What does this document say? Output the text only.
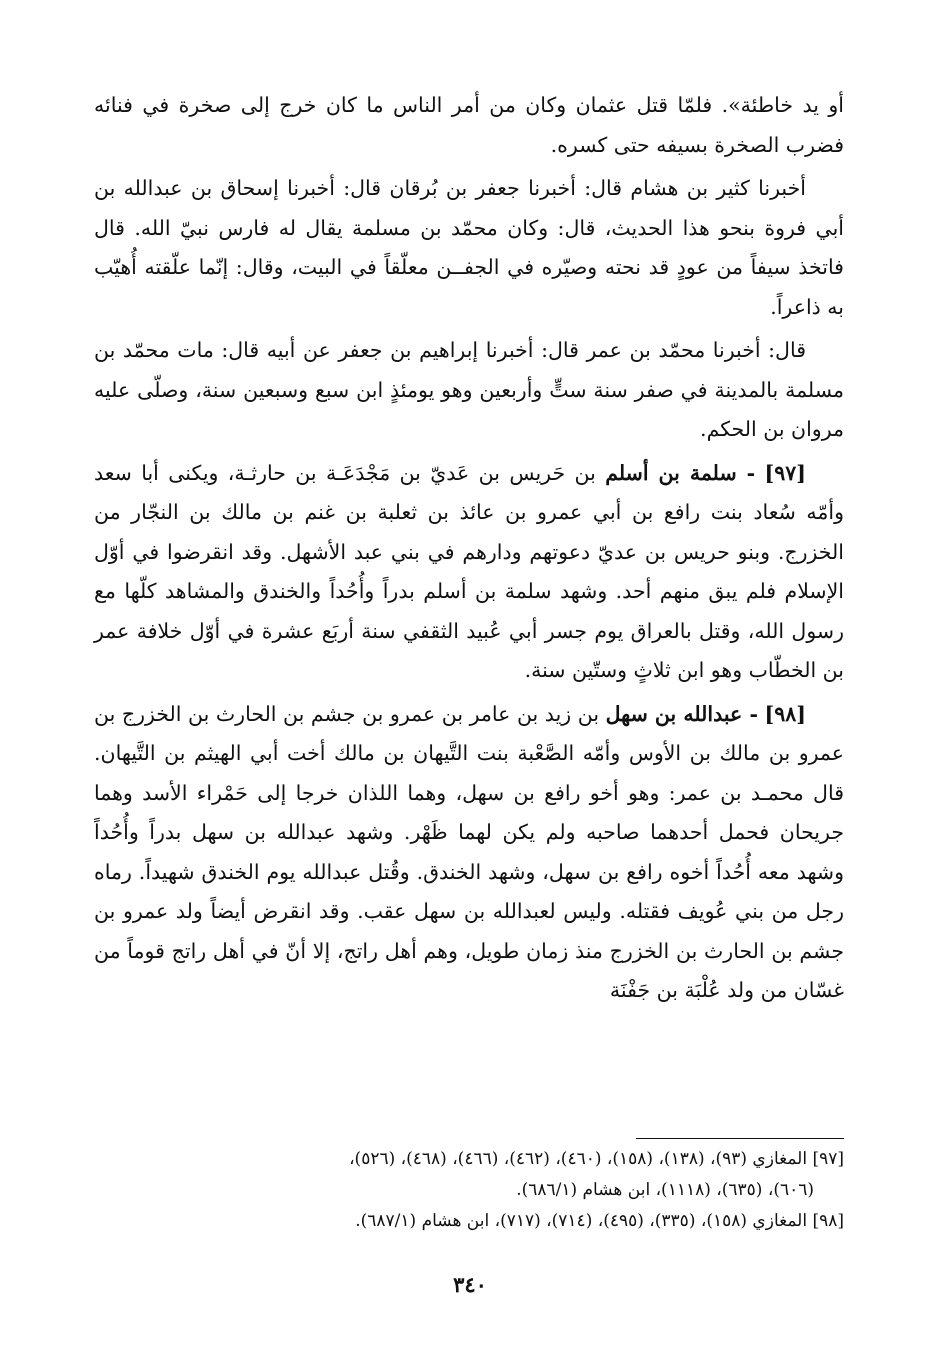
أو يد خاطئة». فلمّا قتل عثمان وكان من أمر الناس ما كان خرج إلى صخرة في فنائه فضرب الصخرة بسيفه حتى كسره.

أخبرنا كثير بن هشام قال: أخبرنا جعفر بن بُرقان قال: أخبرنا إسحاق بن عبدالله بن أبي فروة بنحو هذا الحديث، قال: وكان محمّد بن مسلمة يقال له فارس نبيّ الله. قال فاتخذ سيفاً من عودٍ قد نحته وصيّره في الجفــن معلّقاً في البيت، وقال: إنّما علّقته أُهيّب به ذاعراً.

قال: أخبرنا محمّد بن عمر قال: أخبرنا إبراهيم بن جعفر عن أبيه قال: مات محمّد بن مسلمة بالمدينة في صفر سنة ستٍّ وأربعين وهو يومئذٍ ابن سبع وسبعين سنة، وصلّى عليه مروان بن الحكم.

[٩٧] - سلمة بن أسلم بن حَريس بن عَديّ بن مَجْدَعَـة بن حارثـة، ويكنى أبا سعد وأمّه سُعاد بنت رافع بن أبي عمرو بن عائذ بن ثعلبة بن غنم بن مالك بن النجّار من الخزرج. وبنو حريس بن عديّ دعوتهم ودارهم في بني عبد الأشهل. وقد انقرضوا في أوّل الإسلام فلم يبق منهم أحد. وشهد سلمة بن أسلم بدراً وأُحُداً والخندق والمشاهد كلّها مع رسول الله، وقتل بالعراق يوم جسر أبي عُبيد الثقفي سنة أربَع عشرة في أوّل خلافة عمر بن الخطّاب وهو ابن ثلاثٍ وستّين سنة.

[٩٨] - عبدالله بن سهل بن زيد بن عامر بن عمرو بن جشم بن الحارث بن الخزرج بن عمرو بن مالك بن الأوس وأمّه الصَّعْبة بنت التَّيهان بن مالك أخت أبي الهيثم بن التَّيهان. قال محمـد بن عمر: وهو أخو رافع بن سهل، وهما اللذان خرجا إلى حَمْراء الأسد وهما جريحان فحمل أحدهما صاحبه ولم يكن لهما ظَهْر. وشهد عبدالله بن سهل بدراً وأُحُداً وشهد معه أُحُداً أخوه رافع بن سهل، وشهد الخندق. وقُتل عبدالله يوم الخندق شهيداً. رماه رجل من بني عُويف فقتله. وليس لعبدالله بن سهل عقب. وقد انقرض أيضاً ولد عمرو بن جشم بن الحارث بن الخزرج منذ زمان طويل، وهم أهل راتج، إلا أنّ في أهل راتج قوماً من غسّان من ولد عُلْبَة بن جَفْنَة

[٩٧] المغازي (٩٣)، (١٣٨)، (١٥٨)، (٤٦٠)، (٤٦٢)، (٤٦٦)، (٤٦٨)، (٥٢٦)،

(٦٠٦)، (٦٣٥)، (١١١٨)، ابن هشام (٦٨٦/١).

[٩٨] المغازي (١٥٨)، (٣٣٥)، (٤٩٥)، (٧١٤)، (٧١٧)، ابن هشام (٦٨٧/١).

٣٤٠
